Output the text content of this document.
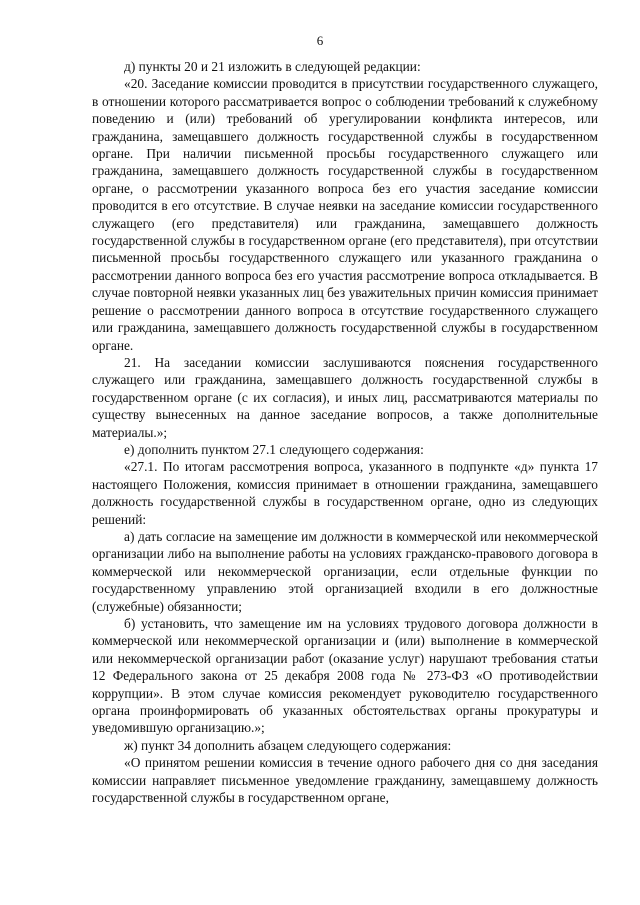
6

д) пункты 20 и 21 изложить в следующей редакции:

«20. Заседание комиссии проводится в присутствии государственного служащего, в отношении которого рассматривается вопрос о соблюдении требований к служебному поведению и (или) требований об урегулировании конфликта интересов, или гражданина, замещавшего должность государственной службы в государственном органе. При наличии письменной просьбы государственного служащего или гражданина, замещавшего должность государственной службы в государственном органе, о рассмотрении указанного вопроса без его участия заседание комиссии проводится в его отсутствие. В случае неявки на заседание комиссии государственного служащего (его представителя) или гражданина, замещавшего должность государственной службы в государственном органе (его представителя), при отсутствии письменной просьбы государственного служащего или указанного гражданина о рассмотрении данного вопроса без его участия рассмотрение вопроса откладывается. В случае повторной неявки указанных лиц без уважительных причин комиссия принимает решение о рассмотрении данного вопроса в отсутствие государственного служащего или гражданина, замещавшего должность государственной службы в государственном органе.

21. На заседании комиссии заслушиваются пояснения государственного служащего или гражданина, замещавшего должность государственной службы в государственном органе (с их согласия), и иных лиц, рассматриваются материалы по существу вынесенных на данное заседание вопросов, а также дополнительные материалы.»;

е) дополнить пунктом 27.1 следующего содержания:

«27.1. По итогам рассмотрения вопроса, указанного в подпункте «д» пункта 17 настоящего Положения, комиссия принимает в отношении гражданина, замещавшего должность государственной службы в государственном органе, одно из следующих решений:

а) дать согласие на замещение им должности в коммерческой или некоммерческой организации либо на выполнение работы на условиях гражданско-правового договора в коммерческой или некоммерческой организации, если отдельные функции по государственному управлению этой организацией входили в его должностные (служебные) обязанности;

б) установить, что замещение им на условиях трудового договора должности в коммерческой или некоммерческой организации и (или) выполнение в коммерческой или некоммерческой организации работ (оказание услуг) нарушают требования статьи 12 Федерального закона от 25 декабря 2008 года № 273-ФЗ «О противодействии коррупции». В этом случае комиссия рекомендует руководителю государственного органа проинформировать об указанных обстоятельствах органы прокуратуры и уведомившую организацию.»;

ж) пункт 34 дополнить абзацем следующего содержания:

«О принятом решении комиссия в течение одного рабочего дня со дня заседания комиссии направляет письменное уведомление гражданину, замещавшему должность государственной службы в государственном органе,
